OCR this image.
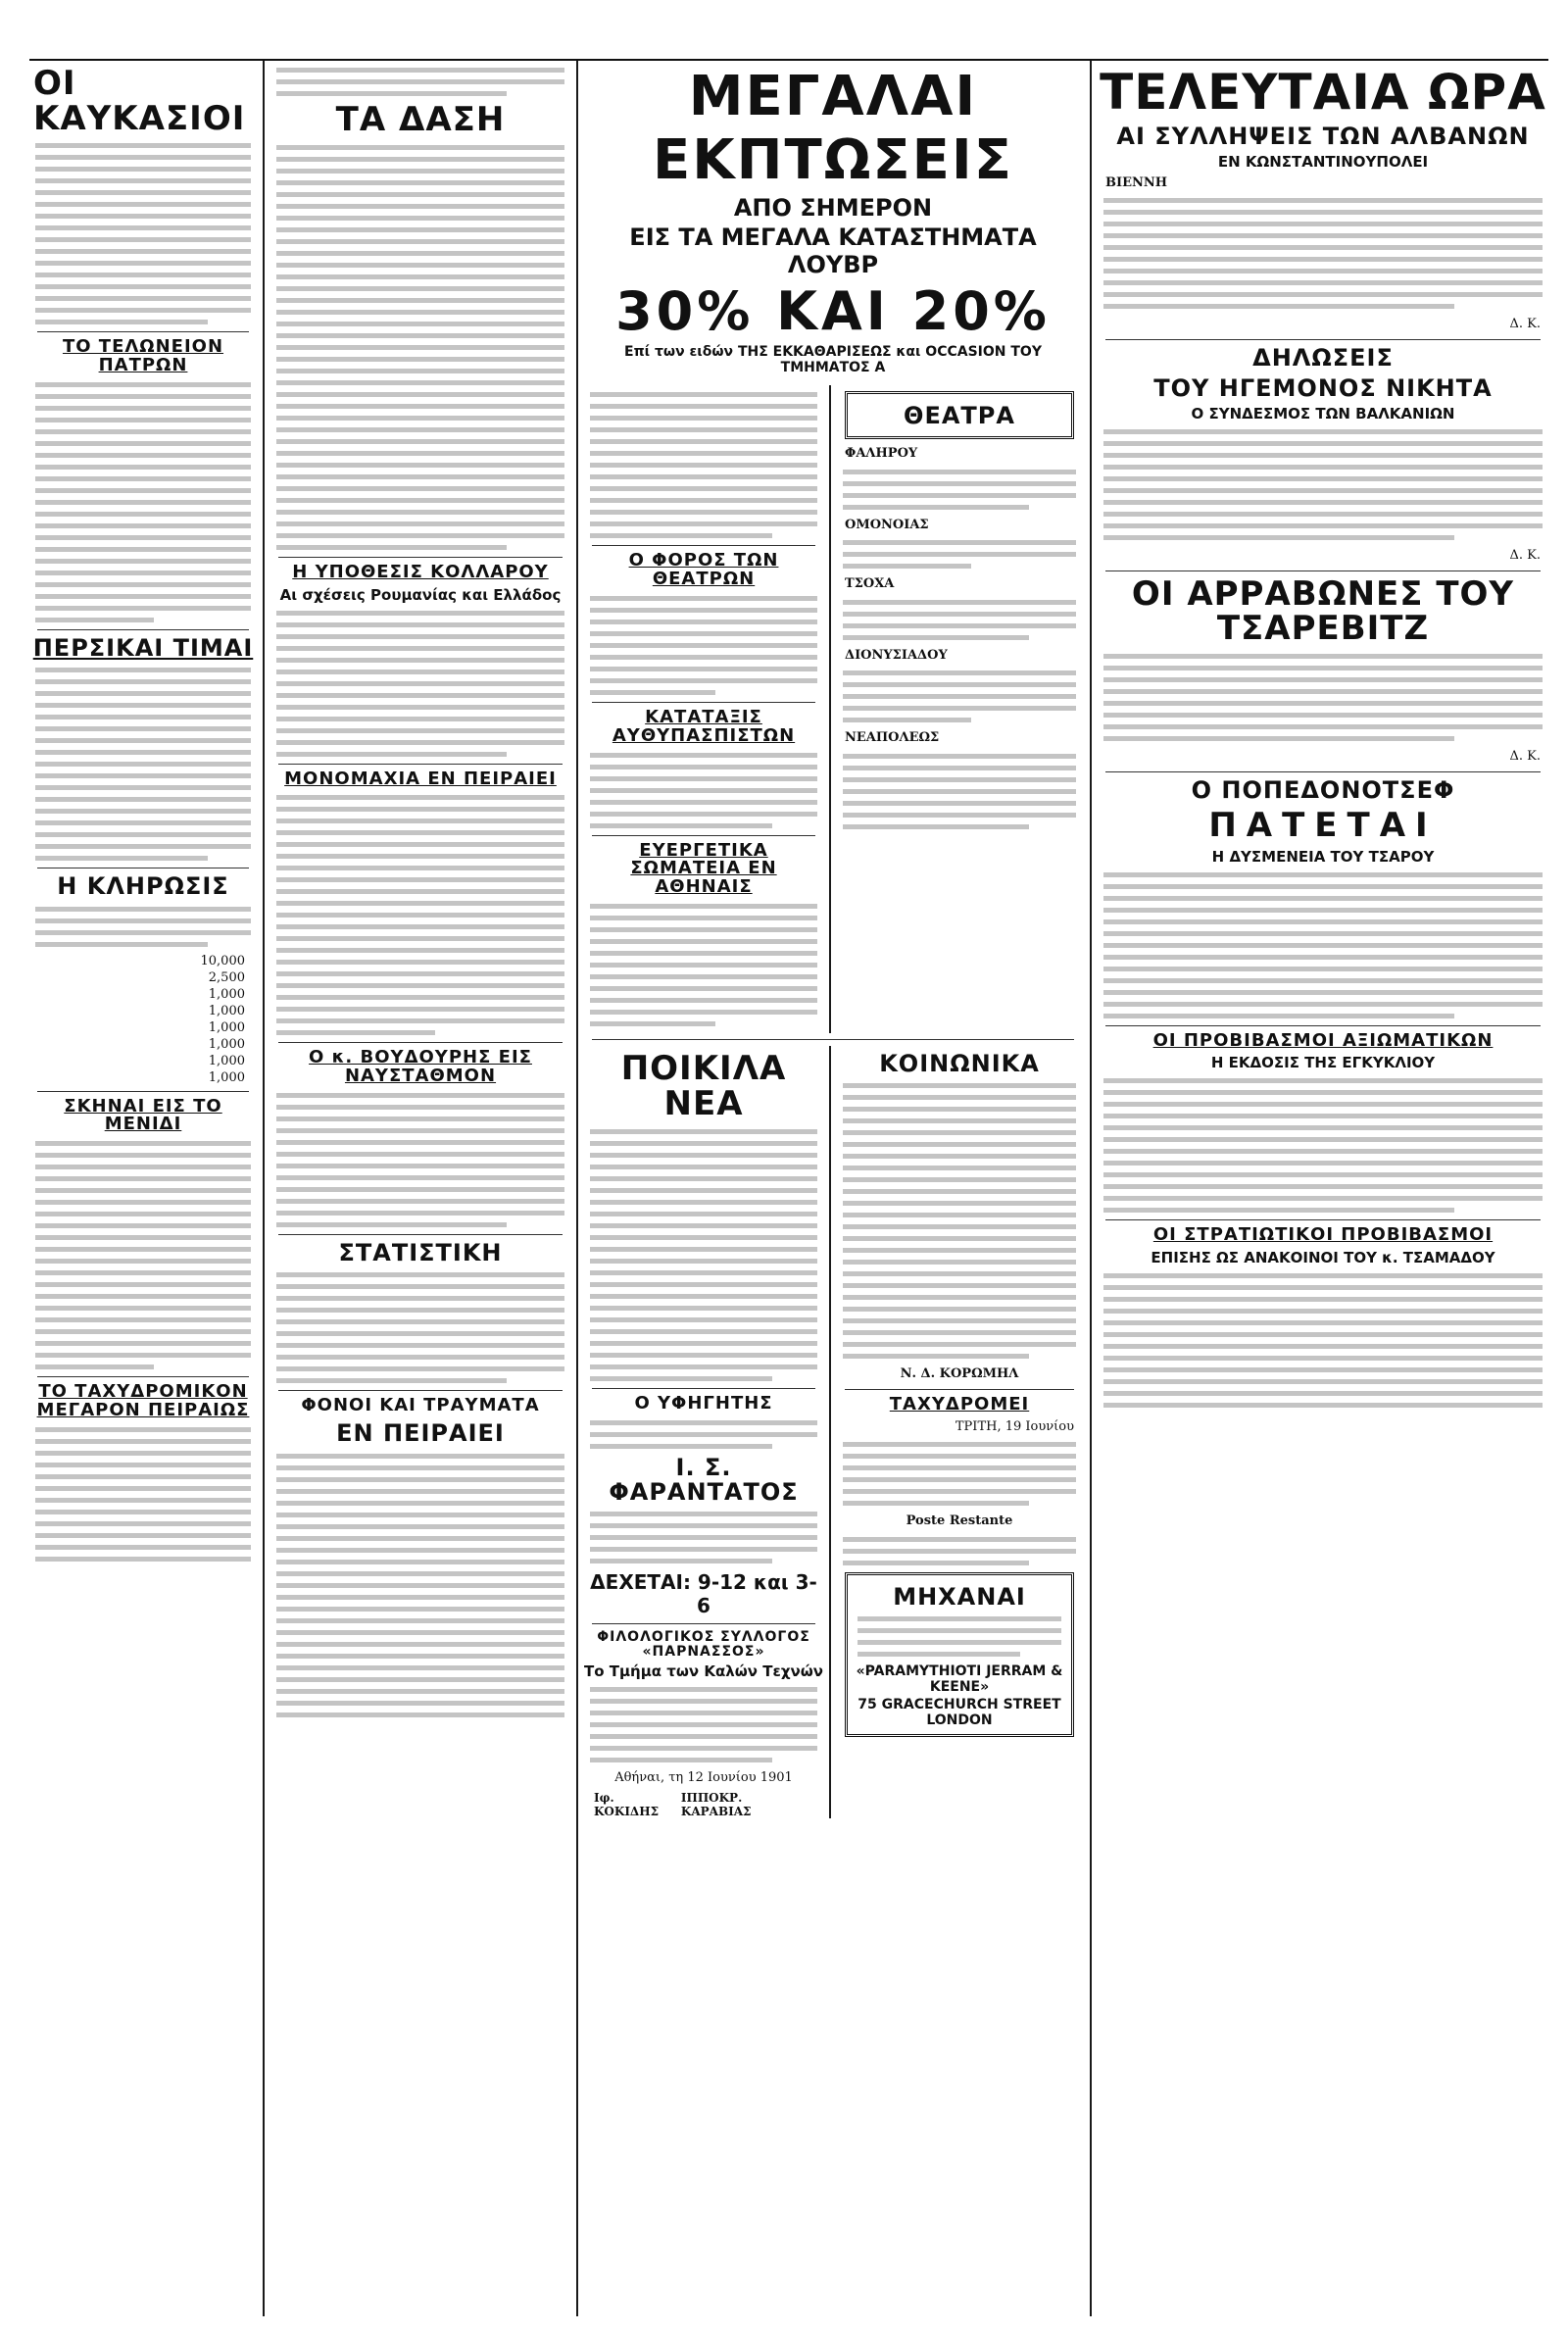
ΟΙ ΚΑΥΚΑΣΙΟΙ
ΤΟ ΤΕΛΩΝΕΙΟΝ ΠΑΤΡΩΝ
ΠΕΡΣΙΚΑΙ ΤΙΜΑΙ
Η ΚΛΗΡΩΣΙΣ
10,000
2,500
1,000
1,000
1,000
1,000
1,000
1,000
ΣΚΗΝΑΙ ΕΙΣ ΤΟ ΜΕΝΙΔΙ
ΤΟ ΤΑΧΥΔΡΟΜΙΚΟΝ ΜΕΓΑΡΟΝ ΠΕΙΡΑΙΩΣ
ΤΑ ΔΑΣΗ
Η ΥΠΟΘΕΣΙΣ ΚΟΛΛΑΡΟΥ
Αι σχέσεις Ρουμανίας και Ελλάδος
ΜΟΝΟΜΑΧΙΑ ΕΝ ΠΕΙΡΑΙΕΙ
Ο κ. ΒΟΥΔΟΥΡΗΣ ΕΙΣ ΝΑΥΣΤΑΘΜΟΝ
ΣΤΑΤΙΣΤΙΚΗ
ΦΟΝΟΙ ΚΑΙ ΤΡΑΥΜΑΤΑ
ΕΝ ΠΕΙΡΑΙΕΙ
ΜΕΓΑΛΑΙ ΕΚΠΤΩΣΕΙΣ
ΑΠΟ ΣΗΜΕΡΟΝ
ΕΙΣ ΤΑ ΜΕΓΑΛΑ ΚΑΤΑΣΤΗΜΑΤΑ ΛΟΥΒΡ
30% ΚΑΙ 20%
Επί των ειδών ΤΗΣ ΕΚΚΑΘΑΡΙΣΕΩΣ και OCCASION ΤΟΥ ΤΜΗΜΑΤΟΣ Α
Ο ΦΟΡΟΣ ΤΩΝ ΘΕΑΤΡΩΝ
ΚΑΤΑΤΑΞΙΣ ΑΥΘΥΠΑΣΠΙΣΤΩΝ
ΕΥΕΡΓΕΤΙΚΑ ΣΩΜΑΤΕΙΑ ΕΝ ΑΘΗΝΑΙΣ
ΘΕΑΤΡΑ
ΦΑΛΗΡΟΥ
ΟΜΟΝΟΙΑΣ
ΤΣΟΧΑ
ΔΙΟΝΥΣΙΑΔΟΥ
ΝΕΑΠΟΛΕΩΣ
ΠΟΙΚΙΛΑ ΝΕΑ
Ο ΥΦΗΓΗΤΗΣ
Ι. Σ. ΦΑΡΑΝΤΑΤΟΣ
ΔΕΧΕΤΑΙ: 9-12 και 3-6
ΦΙΛΟΛΟΓΙΚΟΣ ΣΥΛΛΟΓΟΣ «ΠΑΡΝΑΣΣΟΣ»
Το Τμήμα των Καλών Τεχνών
Αθήναι, τη 12 Ιουνίου 1901
Ιφ. ΚΟΚΙΔΗΣ
ΙΠΠΟΚΡ. ΚΑΡΑΒΙΑΣ
ΚΟΙΝΩΝΙΚΑ
Ν. Δ. ΚΟΡΩΜΗΛ
ΤΑΧΥΔΡΟΜΕΙ
ΤΡΙΤΗ, 19 Ιουνίου
Poste Restante
ΜΗΧΑΝΑΙ
«PARAMYTHIOTI JERRAM & KEENE»
75 GRACECHURCH STREET LONDON
ΤΕΛΕΥΤΑΙΑ ΩΡΑ
ΑΙ ΣΥΛΛΗΨΕΙΣ ΤΩΝ ΑΛΒΑΝΩΝ
ΕΝ ΚΩΝΣΤΑΝΤΙΝΟΥΠΟΛΕΙ
ΒΙΕΝΝΗ
Δ. Κ.
ΔΗΛΩΣΕΙΣ
ΤΟΥ ΗΓΕΜΟΝΟΣ ΝΙΚΗΤΑ
Ο ΣΥΝΔΕΣΜΟΣ ΤΩΝ ΒΑΛΚΑΝΙΩΝ
Δ. Κ.
ΟΙ ΑΡΡΑΒΩΝΕΣ ΤΟΥ ΤΣΑΡΕΒΙΤΖ
Δ. Κ.
Ο ΠΟΠΕΔΟΝΟΤΣΕΦ
ΠΑΤΕΤΑΙ
Η ΔΥΣΜΕΝΕΙΑ ΤΟΥ ΤΣΑΡΟΥ
ΟΙ ΠΡΟΒΙΒΑΣΜΟΙ ΑΞΙΩΜΑΤΙΚΩΝ
Η ΕΚΔΟΣΙΣ ΤΗΣ ΕΓΚΥΚΛΙΟΥ
ΟΙ ΣΤΡΑΤΙΩΤΙΚΟΙ ΠΡΟΒΙΒΑΣΜΟΙ
ΕΠΙΣΗΣ ΩΣ ΑΝΑΚΟΙΝΟΙ ΤΟΥ κ. ΤΣΑΜΑΔΟΥ
